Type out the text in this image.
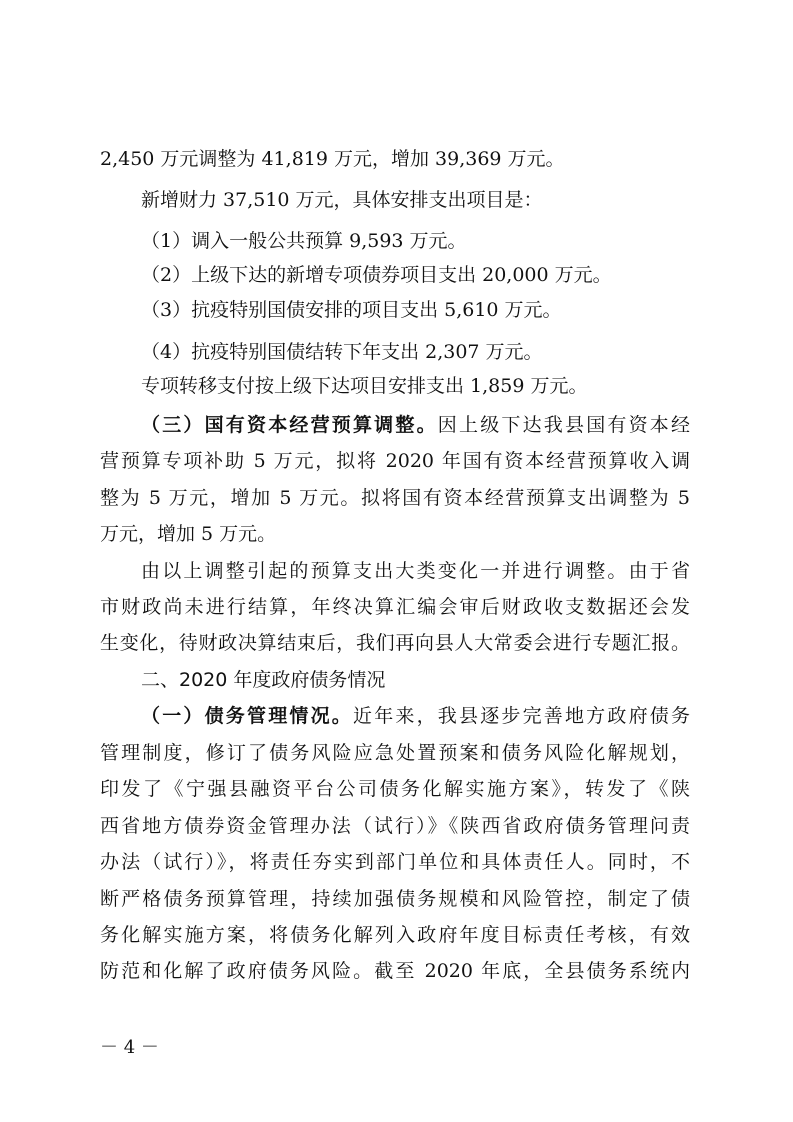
2,450 万元调整为 41,819 万元，增加 39,369 万元。
新增财力 37,510 万元，具体安排支出项目是：
（1）调入一般公共预算 9,593 万元。
（2）上级下达的新增专项债券项目支出 20,000 万元。
（3）抗疫特别国债安排的项目支出 5,610 万元。
（4）抗疫特别国债结转下年支出 2,307 万元。
专项转移支付按上级下达项目安排支出 1,859 万元。
（三）国有资本经营预算调整。因上级下达我县国有资本经
营预算专项补助 5 万元，拟将 2020 年国有资本经营预算收入调
整为 5 万元，增加 5 万元。拟将国有资本经营预算支出调整为 5
万元，增加 5 万元。
由以上调整引起的预算支出大类变化一并进行调整。由于省
市财政尚未进行结算，年终决算汇编会审后财政收支数据还会发
生变化，待财政决算结束后，我们再向县人大常委会进行专题汇报。
二、2020 年度政府债务情况
（一）债务管理情况。近年来，我县逐步完善地方政府债务
管理制度，修订了债务风险应急处置预案和债务风险化解规划，
印发了《宁强县融资平台公司债务化解实施方案》，转发了《陕
西省地方债券资金管理办法（试行）》《陕西省政府债务管理问责
办法（试行）》，将责任夯实到部门单位和具体责任人。同时，不
断严格债务预算管理，持续加强债务规模和风险管控，制定了债
务化解实施方案，将债务化解列入政府年度目标责任考核，有效
防范和化解了政府债务风险。截至 2020 年底，全县债务系统内
－ 4 －
